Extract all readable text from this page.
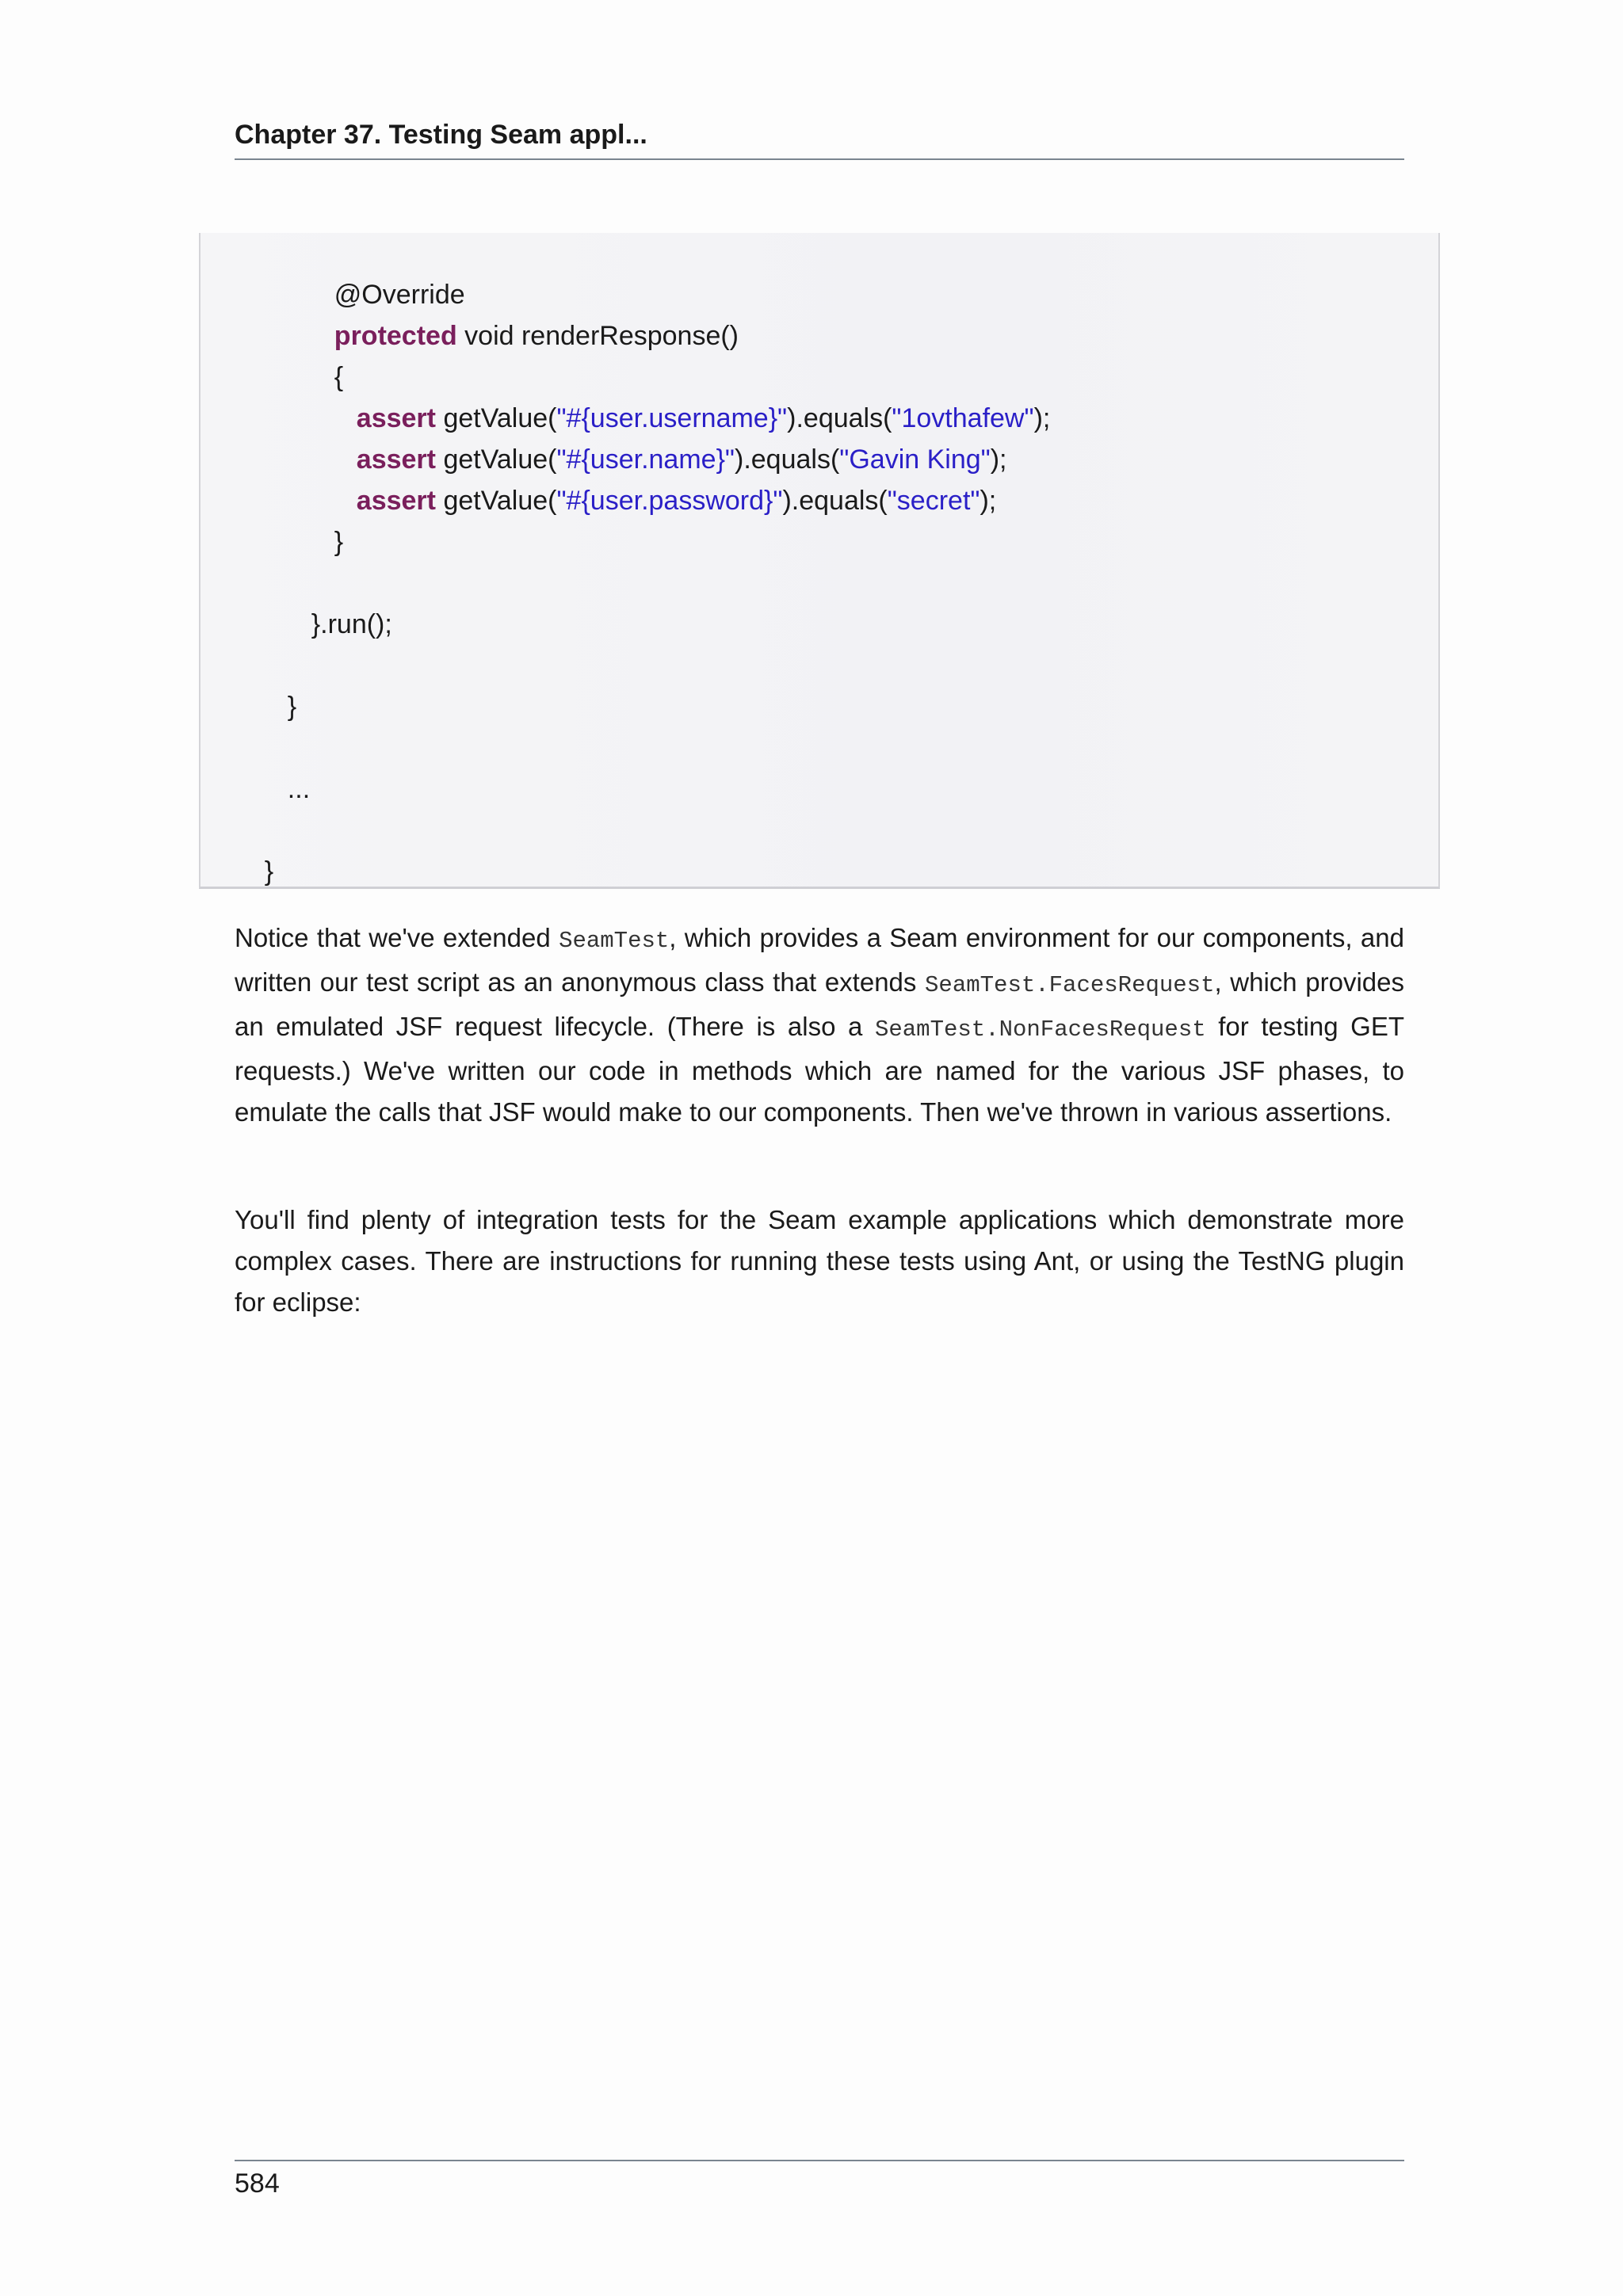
Chapter 37. Testing Seam appl...

@Override

protected void renderResponse()

{

assert getValue("#{user.username}").equals("1ovthafew");

assert getValue("#{user.name}").equals("Gavin King");

assert getValue("#{user.password}").equals("secret");

}

}.run();

}

...

}

Notice that we've extended SeamTest, which provides a Seam environment for our components, and written our test script as an anonymous class that extends SeamTest.FacesRequest, which provides an emulated JSF request lifecycle. (There is also a SeamTest.NonFacesRequest for testing GET requests.) We've written our code in methods which are named for the various JSF phases, to emulate the calls that JSF would make to our components. Then we've thrown in various assertions.

You'll find plenty of integration tests for the Seam example applications which demonstrate more complex cases. There are instructions for running these tests using Ant, or using the TestNG plugin for eclipse:

584
